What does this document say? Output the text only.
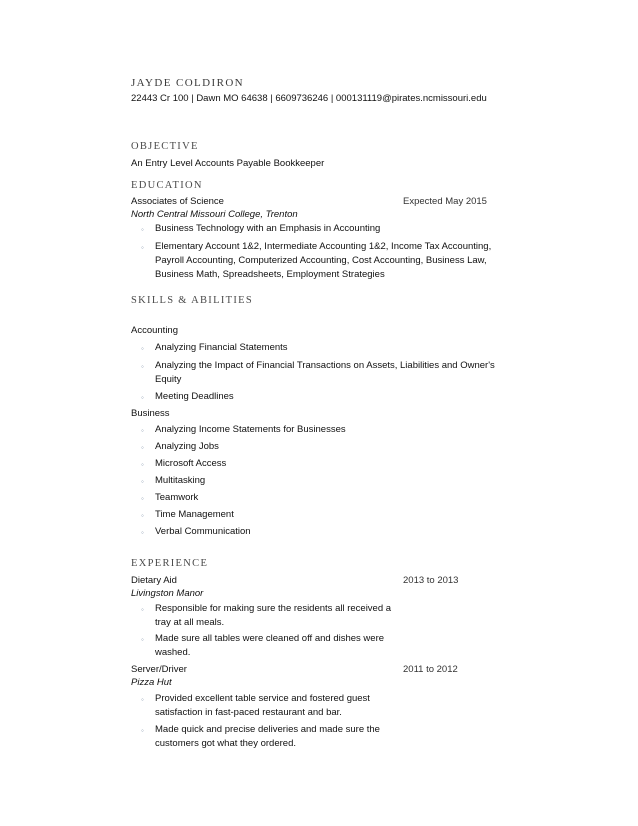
JAYDE COLDIRON
22443 Cr 100 | Dawn MO 64638 | 6609736246 | 000131119@pirates.ncmissouri.edu
OBJECTIVE
An Entry Level Accounts Payable Bookkeeper
EDUCATION
Associates of Science	Expected May 2015
North Central Missouri College, Trenton
◦	Business Technology with an Emphasis in Accounting
◦	Elementary Account 1&2, Intermediate Accounting 1&2, Income Tax Accounting,
Payroll Accounting, Computerized Accounting, Cost Accounting, Business Law,
Business Math, Spreadsheets, Employment Strategies
SKILLS & ABILITIES
Accounting
◦	Analyzing Financial Statements
◦	Analyzing the Impact of Financial Transactions on Assets, Liabilities and Owner's
Equity
◦	Meeting Deadlines
Business
◦	Analyzing Income Statements for Businesses
◦	Analyzing Jobs
◦	Microsoft Access
◦	Multitasking
◦	Teamwork
◦	Time Management
◦	Verbal Communication
EXPERIENCE
Dietary Aid	2013 to 2013
Livingston Manor
◦	Responsible for making sure the residents all received a
tray at all meals.
◦	Made sure all tables were cleaned off and dishes were
washed.
Server/Driver	2011 to 2012
Pizza Hut
◦	Provided excellent table service and fostered guest
satisfaction in fast-paced restaurant and bar.
◦	Made quick and precise deliveries and made sure the
customers got what they ordered.
